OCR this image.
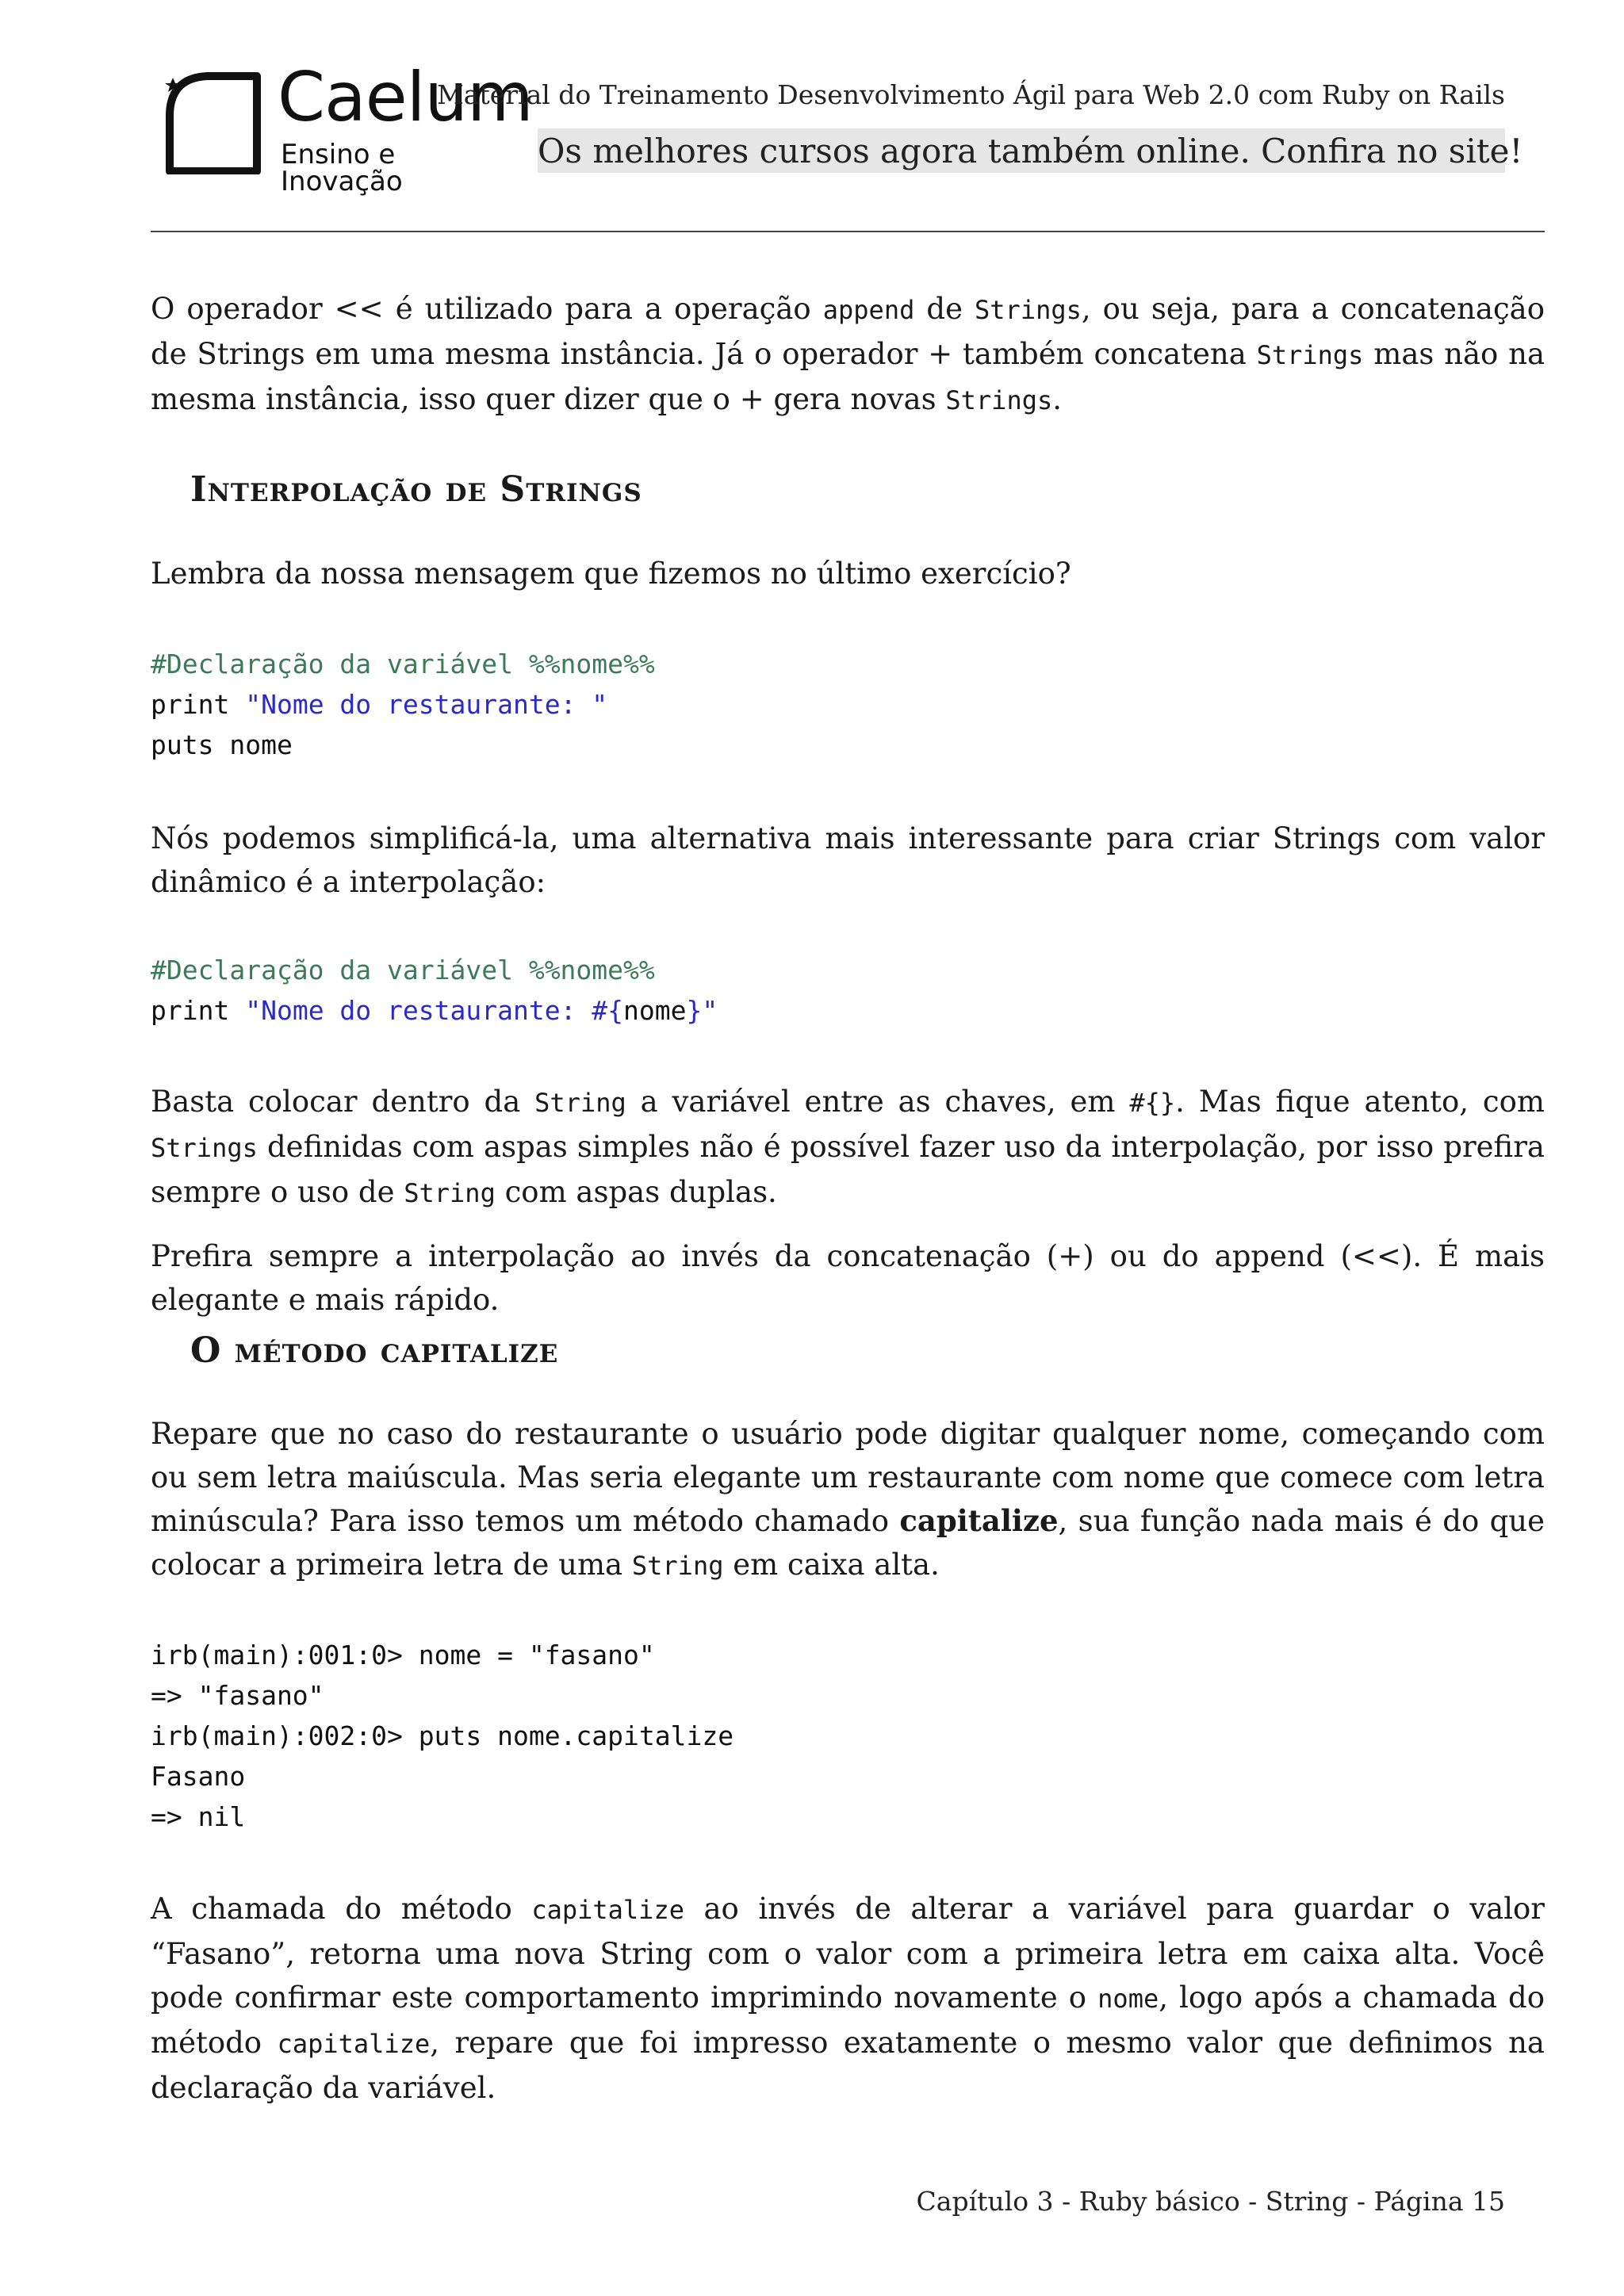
Caelum
Ensino e Inovação
Material do Treinamento Desenvolvimento Ágil para Web 2.0 com Ruby on Rails
Os melhores cursos agora também online. Confira no site!

O operador << é utilizado para a operação append de Strings, ou seja, para a concatenação de Strings em uma mesma instância. Já o operador + também concatena Strings mas não na mesma instância, isso quer dizer que o + gera novas Strings.

Interpolação de Strings

Lembra da nossa mensagem que fizemos no último exercício?

#Declaração da variável %%nome%%
print "Nome do restaurante: "
puts nome

Nós podemos simplificá-la, uma alternativa mais interessante para criar Strings com valor dinâmico é a interpolação:

#Declaração da variável %%nome%%
print "Nome do restaurante: #{nome}"

Basta colocar dentro da String a variável entre as chaves, em #{}. Mas fique atento, com Strings definidas com aspas simples não é possível fazer uso da interpolação, por isso prefira sempre o uso de String com aspas duplas.

Prefira sempre a interpolação ao invés da concatenação (+) ou do append (<<). É mais elegante e mais rápido.

O método capitalize

Repare que no caso do restaurante o usuário pode digitar qualquer nome, começando com ou sem letra maiúscula. Mas seria elegante um restaurante com nome que comece com letra minúscula? Para isso temos um método chamado capitalize, sua função nada mais é do que colocar a primeira letra de uma String em caixa alta.

irb(main):001:0> nome = "fasano"
=> "fasano"
irb(main):002:0> puts nome.capitalize
Fasano
=> nil

A chamada do método capitalize ao invés de alterar a variável para guardar o valor “Fasano”, retorna uma nova String com o valor com a primeira letra em caixa alta. Você pode confirmar este comportamento imprimindo novamente o nome, logo após a chamada do método capitalize, repare que foi impresso exatamente o mesmo valor que definimos na declaração da variável.

Capítulo 3 - Ruby básico - String - Página 15
